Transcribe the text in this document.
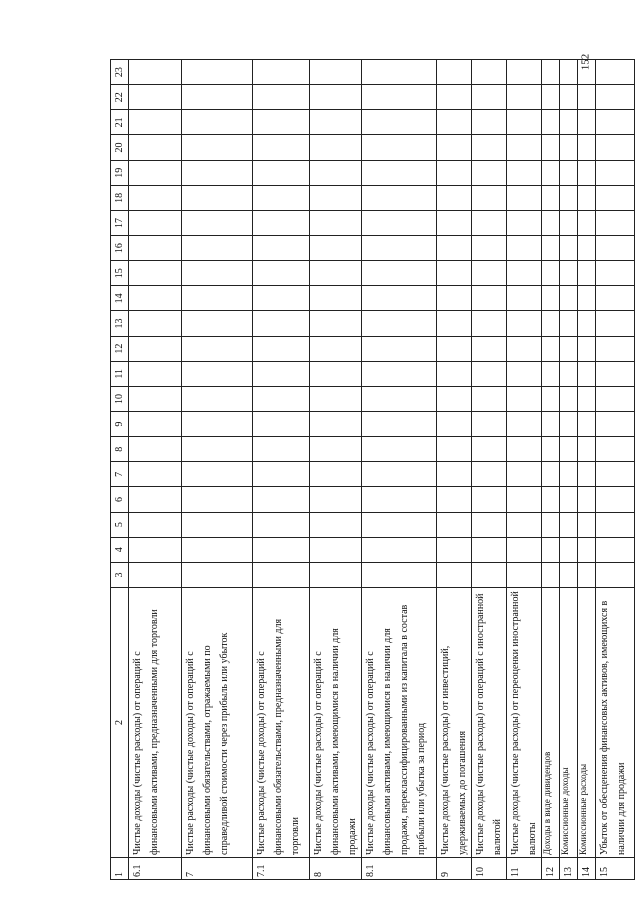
152
1	2	3	4	5	6	7	8	9	10	11	12	13	14	15	16	17	18	19	20	21	22	23
6.1	Чистые доходы (чистые расходы) от операций с финансовыми активами, предназначенными для торговли																					
7	Чистые расходы (чистые доходы) от операций с финансовыми обязательствами, отражаемыми по справедливой стоимости через прибыль или убыток																					
7.1	Чистые расходы (чистые доходы) от операций с финансовыми обязательствами, предназначенными для торговли																					
8	Чистые доходы (чистые расходы) от операций с финансовыми активами, имеющимися в наличии для продажи																					
8.1	Чистые доходы (чистые расходы) от операций с финансовыми активами, имеющимися в наличии для продажи, переклассифицированными из капитала в состав прибыли или убытка за период																					
9	Чистые доходы (чистые расходы) от инвестиций, удерживаемых до погашения																					
10	Чистые доходы (чистые расходы) от операций с иностранной валютой																					
11	Чистые доходы (чистые расходы) от переоценки иностранной валюты																					
12	Доходы в виде дивидендов																					
13	Комиссионные доходы																					
14	Комиссионные расходы																					
15	Убыток от обесценения финансовых активов, имеющихся в наличии для продажи																					
